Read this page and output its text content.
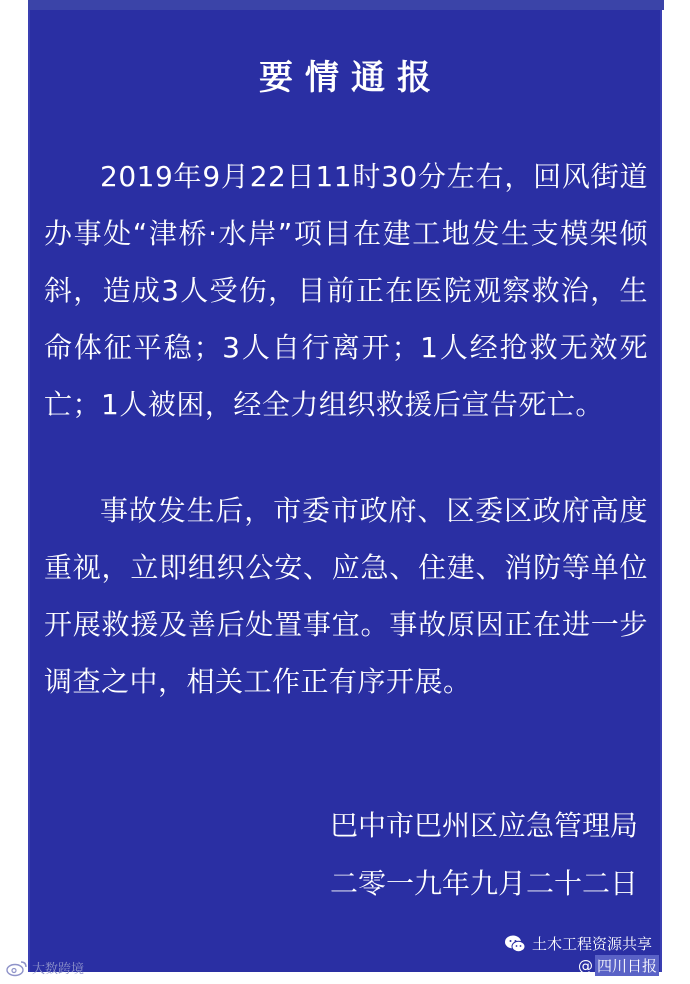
要情通报
2019年9月22日11时30分左右，回风街道办事处“津桥·水岸”项目在建工地发生支模架倾斜，造成3人受伤，目前正在医院观察救治，生命体征平稳；3人自行离开；1人经抢救无效死亡；1人被困，经全力组织救援后宣告死亡。
事故发生后，市委市政府、区委区政府高度重视，立即组织公安、应急、住建、消防等单位开展救援及善后处置事宜。事故原因正在进一步调查之中，相关工作正有序开展。
巴中市巴州区应急管理局
二零一九年九月二十二日
大数跨境
土木工程资源共享
@ 四川日报
